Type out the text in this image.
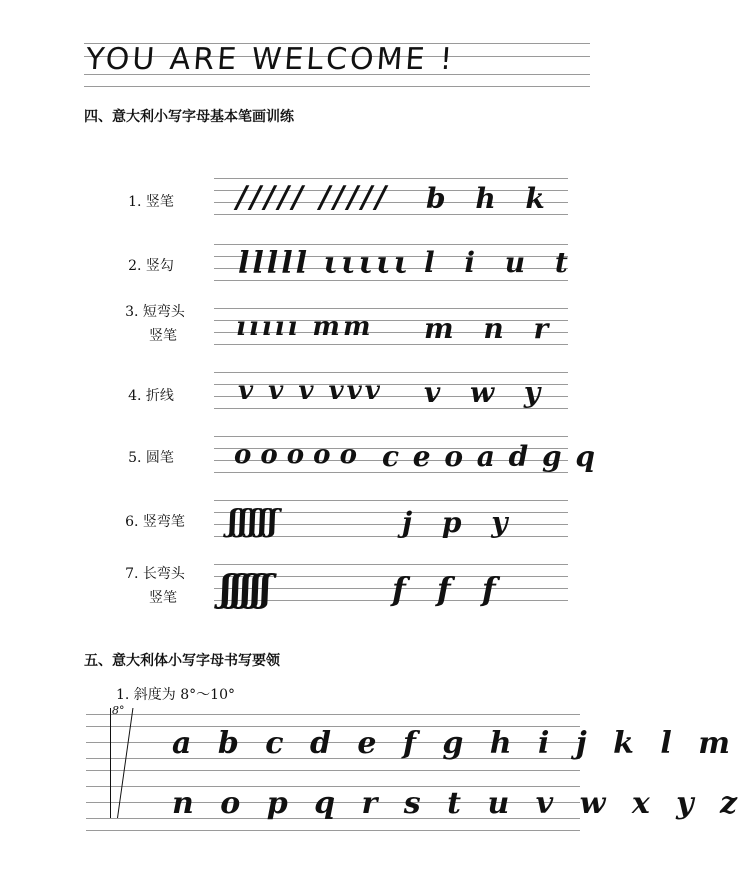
YOU ARE WELCOME !
四、意大利小写字母基本笔画训练
1. 竖笔
2. 竖勾
3. 短弯头
竖笔
4. 折线
5. 圆笔
6. 竖弯笔
7. 长弯头
竖笔
///// ///// b h k
lllll ιιιιι l i u t
ııııı mm m n r
v v v vvv v w y
o o o o o c e o a d g q
ʃʃʃʃʃ	j p y
ʃʃʃʃʃ	f f f
五、意大利体小写字母书写要领
1. 斜度为 8°～10°
8°
a b c d e f g h i j k l m
n o p q r s t u v w x y z
